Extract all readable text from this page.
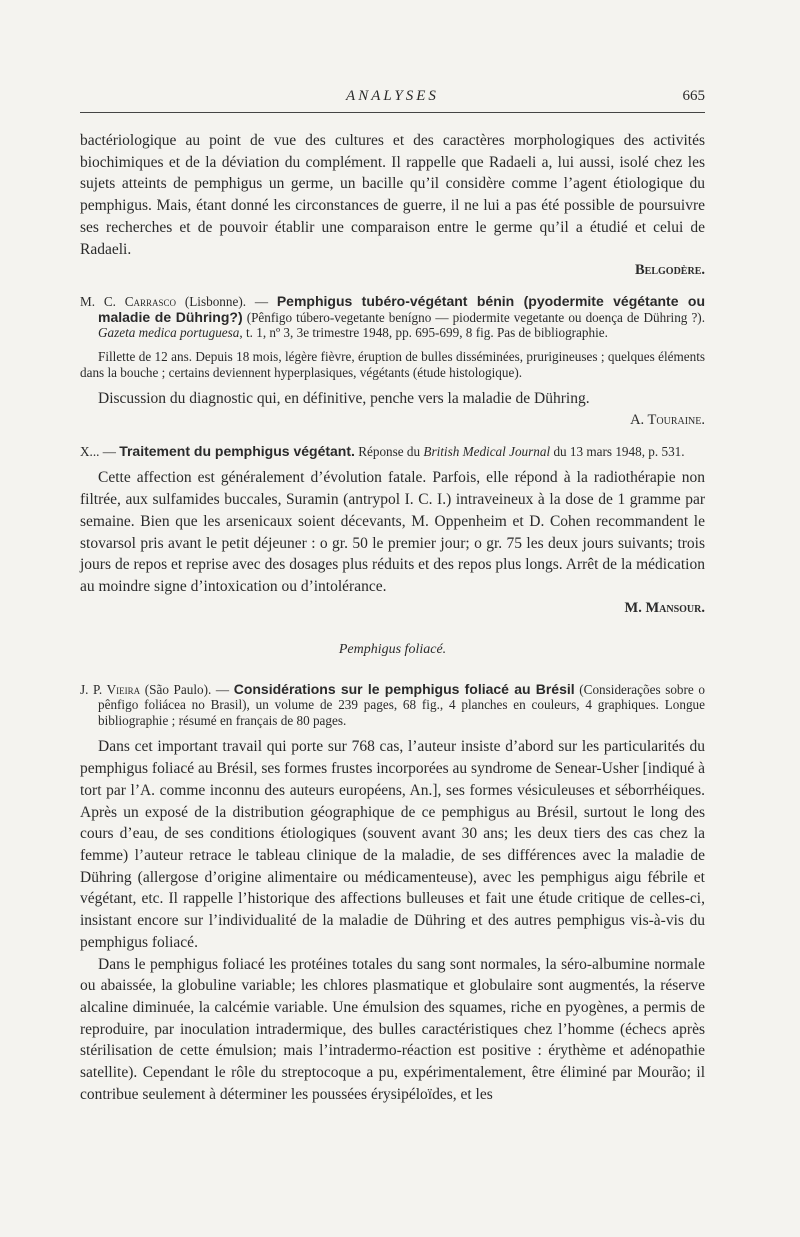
ANALYSES	665

bactériologique au point de vue des cultures et des caractères morphologiques des activités biochimiques et de la déviation du complément. Il rappelle que Radaeli a, lui aussi, isolé chez les sujets atteints de pemphigus un germe, un bacille qu’il considère comme l’agent étiologique du pemphigus. Mais, étant donné les circonstances de guerre, il ne lui a pas été possible de poursuivre ses recherches et de pouvoir établir une comparaison entre le germe qu’il a étudié et celui de Radaeli.

Belgodère.

M. C. Carrasco (Lisbonne). — Pemphigus tubéro-végétant bénin (pyodermite végétante ou maladie de Dühring?) (Pênfigo túbero-vegetante benígno — piodermite vegetante ou doença de Dühring ?). Gazeta medica portuguesa, t. 1, nº 3, 3e trimestre 1948, pp. 695-699, 8 fig. Pas de bibliographie.

Fillette de 12 ans. Depuis 18 mois, légère fièvre, éruption de bulles disséminées, prurigineuses ; quelques éléments dans la bouche ; certains deviennent hyperplasiques, végétants (étude histologique).

Discussion du diagnostic qui, en définitive, penche vers la maladie de Dühring.

A. Touraine.

X... — Traitement du pemphigus végétant. Réponse du British Medical Journal du 13 mars 1948, p. 531.

Cette affection est généralement d’évolution fatale. Parfois, elle répond à la radiothérapie non filtrée, aux sulfamides buccales, Suramin (antrypol I. C. I.) intraveineux à la dose de 1 gramme par semaine. Bien que les arsenicaux soient décevants, M. Oppenheim et D. Cohen recommandent le stovarsol pris avant le petit déjeuner : o gr. 50 le premier jour; o gr. 75 les deux jours suivants; trois jours de repos et reprise avec des dosages plus réduits et des repos plus longs. Arrêt de la médication au moindre signe d’intoxication ou d’intolérance.

M. Mansour.

Pemphigus foliacé.

J. P. Vieira (São Paulo). — Considérations sur le pemphigus foliacé au Brésil (Considerações sobre o pênfigo foliácea no Brasil), un volume de 239 pages, 68 fig., 4 planches en couleurs, 4 graphiques. Longue bibliographie ; résumé en français de 80 pages.

Dans cet important travail qui porte sur 768 cas, l’auteur insiste d’abord sur les particularités du pemphigus foliacé au Brésil, ses formes frustes incorporées au syndrome de Senear-Usher [indiqué à tort par l’A. comme inconnu des auteurs européens, An.], ses formes vésiculeuses et séborrhéiques. Après un exposé de la distribution géographique de ce pemphigus au Brésil, surtout le long des cours d’eau, de ses conditions étiologiques (souvent avant 30 ans; les deux tiers des cas chez la femme) l’auteur retrace le tableau clinique de la maladie, de ses différences avec la maladie de Dühring (allergose d’origine alimentaire ou médicamenteuse), avec les pemphigus aigu fébrile et végétant, etc. Il rappelle l’historique des affections bulleuses et fait une étude critique de celles-ci, insistant encore sur l’individualité de la maladie de Dühring et des autres pemphigus vis-à-vis du pemphigus foliacé.

Dans le pemphigus foliacé les protéines totales du sang sont normales, la séro-albumine normale ou abaissée, la globuline variable; les chlores plasmatique et globulaire sont augmentés, la réserve alcaline diminuée, la calcémie variable. Une émulsion des squames, riche en pyogènes, a permis de reproduire, par inoculation intradermique, des bulles caractéristiques chez l’homme (échecs après stérilisation de cette émulsion; mais l’intradermo-réaction est positive : érythème et adénopathie satellite). Cependant le rôle du streptocoque a pu, expérimentalement, être éliminé par Mourão; il contribue seulement à déterminer les poussées érysipéloïdes, et les
